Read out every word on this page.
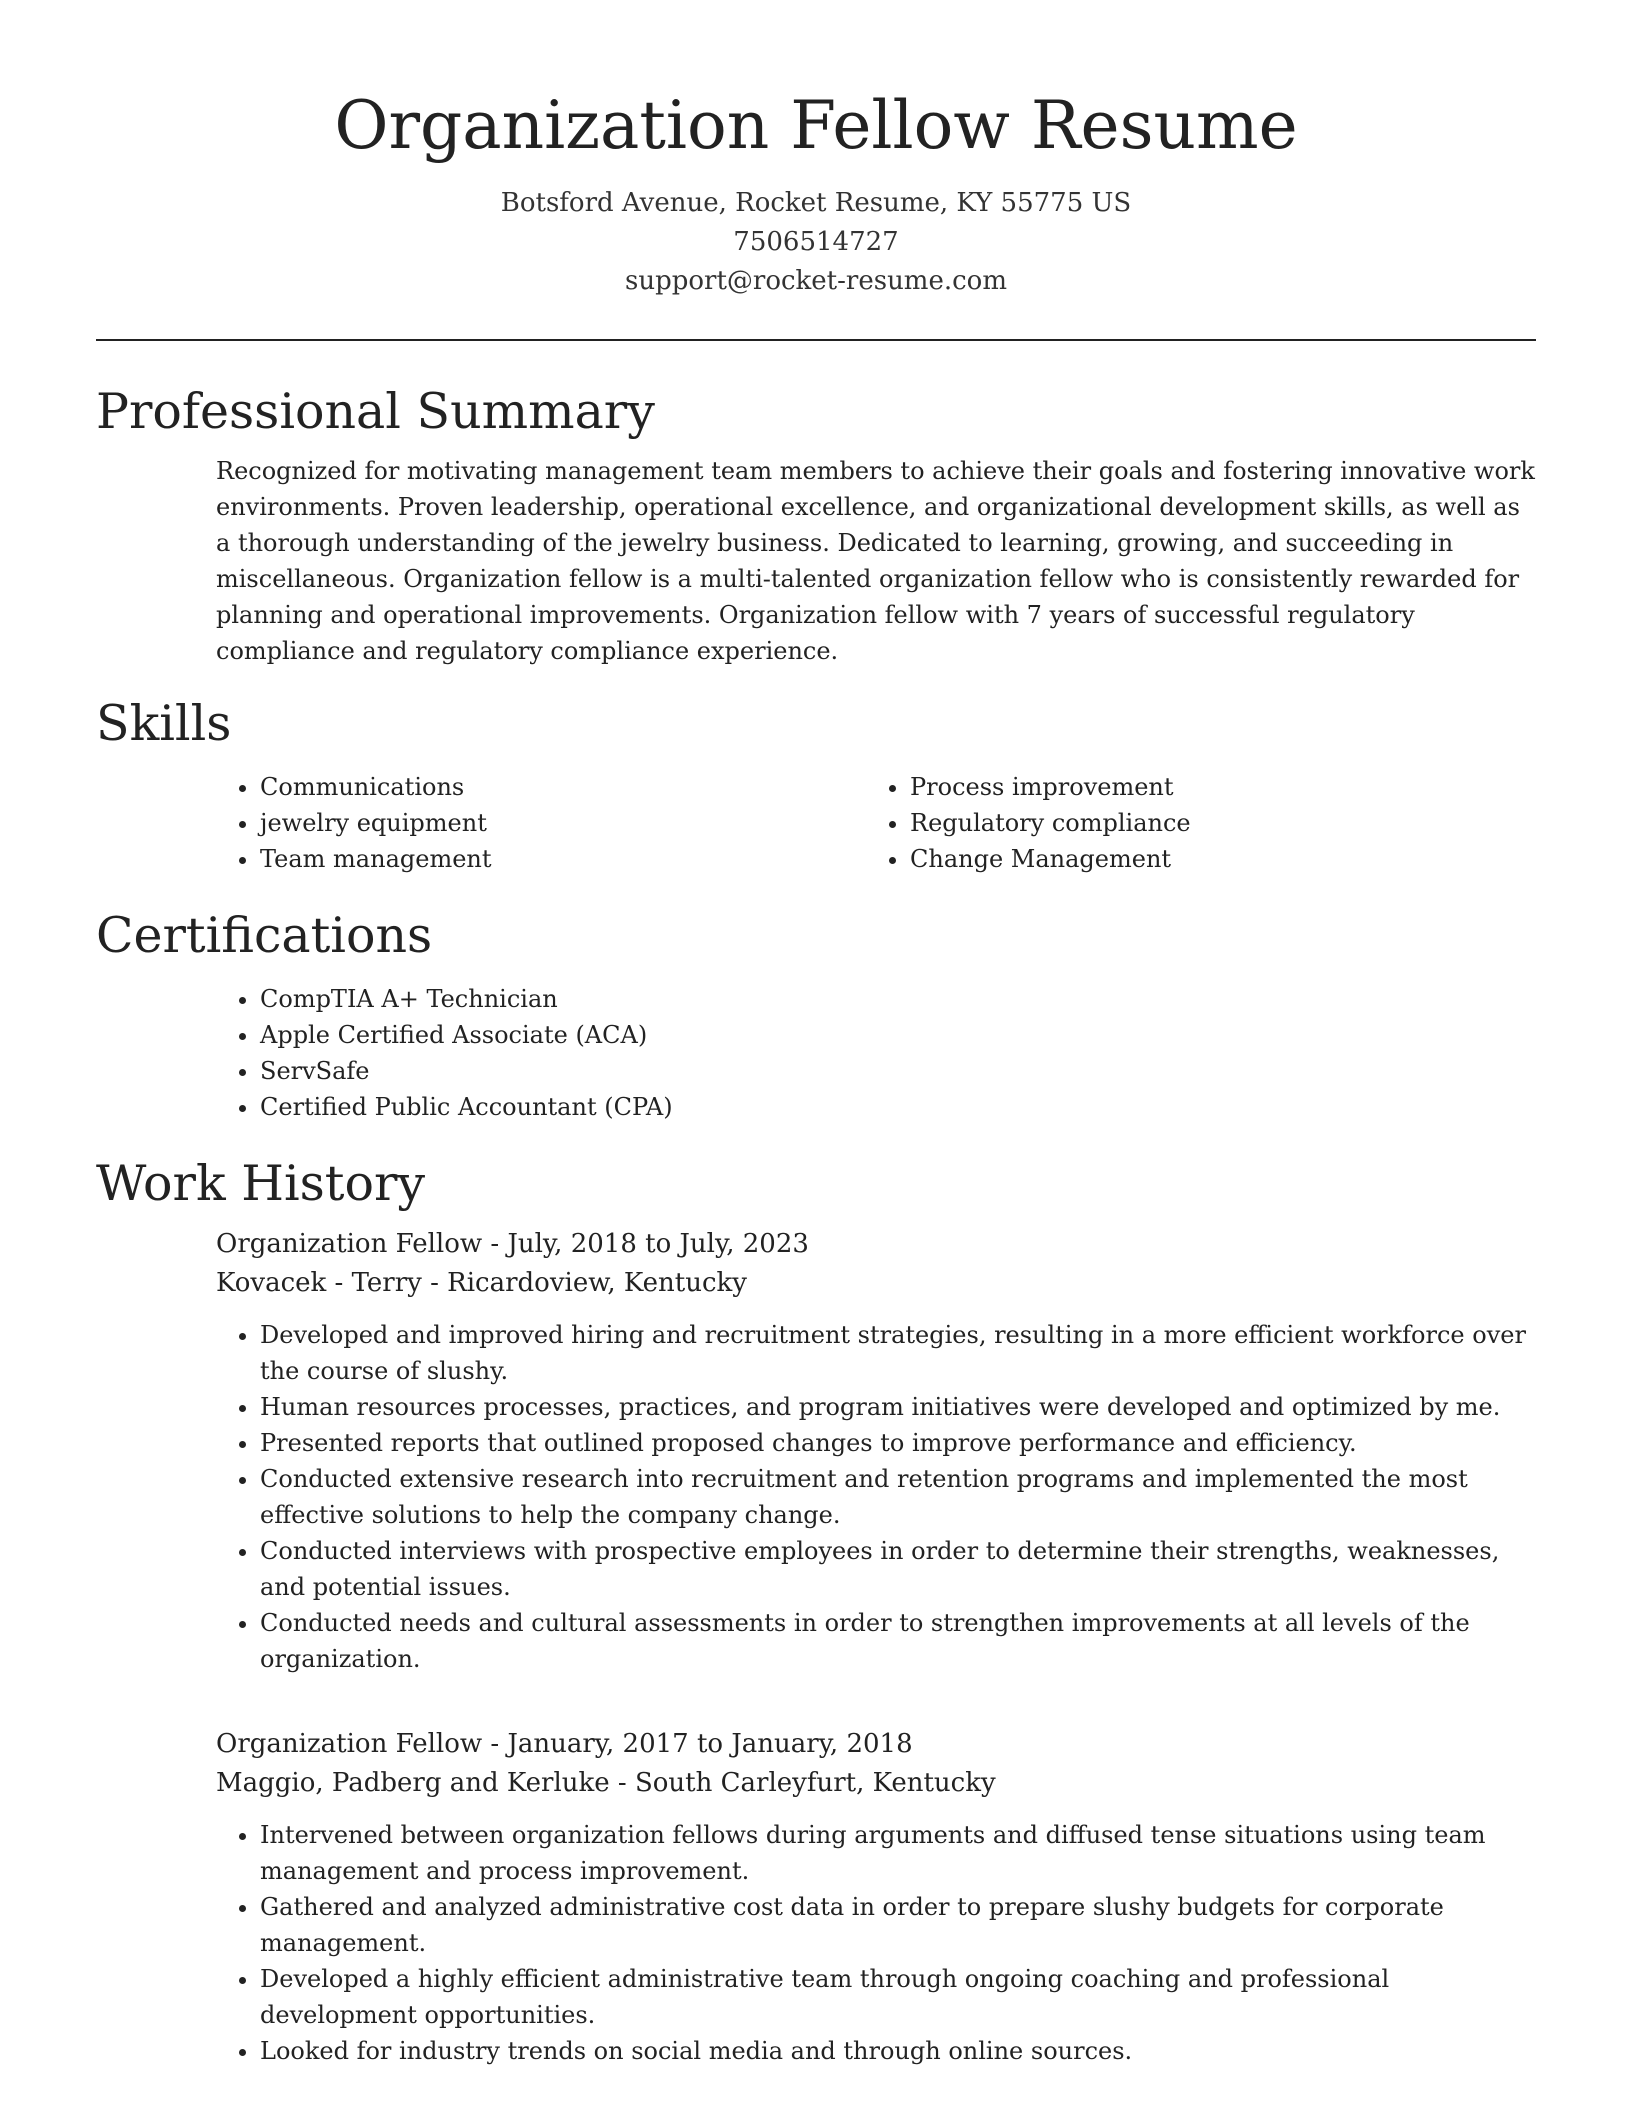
Organization Fellow Resume
Botsford Avenue, Rocket Resume, KY 55775 US
7506514727
support@rocket-resume.com
Professional Summary

Recognized for motivating management team members to achieve their goals and fostering innovative work environments. Proven leadership, operational excellence, and organizational development skills, as well as a thorough understanding of the jewelry business. Dedicated to learning, growing, and succeeding in miscellaneous. Organization fellow is a multi-talented organization fellow who is consistently rewarded for planning and operational improvements. Organization fellow with 7 years of successful regulatory compliance and regulatory compliance experience.

Skills
• Communications
• jewelry equipment
• Team management
• Process improvement
• Regulatory compliance
• Change Management
Certifications
• CompTIA A+ Technician
• Apple Certified Associate (ACA)
• ServSafe
• Certified Public Accountant (CPA)
Work History
Organization Fellow - July, 2018 to July, 2023
Kovacek - Terry - Ricardoview, Kentucky
• Developed and improved hiring and recruitment strategies, resulting in a more efficient workforce over the course of slushy.
• Human resources processes, practices, and program initiatives were developed and optimized by me.
• Presented reports that outlined proposed changes to improve performance and efficiency.
• Conducted extensive research into recruitment and retention programs and implemented the most effective solutions to help the company change.
• Conducted interviews with prospective employees in order to determine their strengths, weaknesses, and potential issues.
• Conducted needs and cultural assessments in order to strengthen improvements at all levels of the organization.
Organization Fellow - January, 2017 to January, 2018
Maggio, Padberg and Kerluke - South Carleyfurt, Kentucky
• Intervened between organization fellows during arguments and diffused tense situations using team management and process improvement.
• Gathered and analyzed administrative cost data in order to prepare slushy budgets for corporate management.
• Developed a highly efficient administrative team through ongoing coaching and professional development opportunities.
• Looked for industry trends on social media and through online sources.
